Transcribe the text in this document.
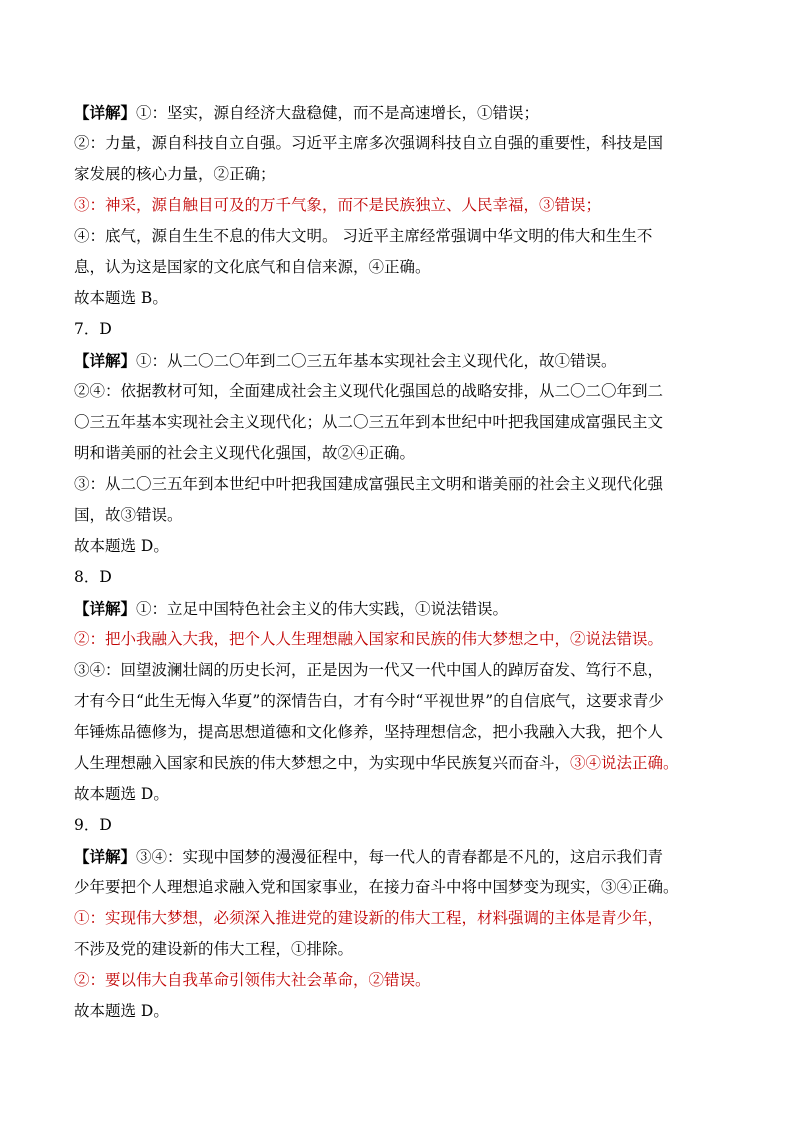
【详解】①：坚实，源自经济大盘稳健，而不是高速增长，①错误；
②：力量，源自科技自立自强。习近平主席多次强调科技自立自强的重要性，科技是国
家发展的核心力量，②正确；
③：神采，源自触目可及的万千气象，而不是民族独立、人民幸福，③错误；
④：底气，源自生生不息的伟大文明。 习近平主席经常强调中华文明的伟大和生生不
息，认为这是国家的文化底气和自信来源，④正确。
故本题选 B。
7．D
【详解】①：从二〇二〇年到二〇三五年基本实现社会主义现代化，故①错误。
②④：依据教材可知，全面建成社会主义现代化强国总的战略安排，从二〇二〇年到二
〇三五年基本实现社会主义现代化；从二〇三五年到本世纪中叶把我国建成富强民主文
明和谐美丽的社会主义现代化强国，故②④正确。
③：从二〇三五年到本世纪中叶把我国建成富强民主文明和谐美丽的社会主义现代化强
国，故③错误。
故本题选 D。
8．D
【详解】①：立足中国特色社会主义的伟大实践，①说法错误。
②：把小我融入大我，把个人人生理想融入国家和民族的伟大梦想之中，②说法错误。
③④：回望波澜壮阔的历史长河，正是因为一代又一代中国人的踔厉奋发、笃行不息，
才有今日“此生无悔入华夏”的深情告白，才有今时“平视世界”的自信底气，这要求青少
年锤炼品德修为，提高思想道德和文化修养，坚持理想信念，把小我融入大我，把个人
人生理想融入国家和民族的伟大梦想之中，为实现中华民族复兴而奋斗，③④说法正确。
故本题选 D。
9．D
【详解】③④：实现中国梦的漫漫征程中，每一代人的青春都是不凡的，这启示我们青
少年要把个人理想追求融入党和国家事业，在接力奋斗中将中国梦变为现实，③④正确。
①：实现伟大梦想，必须深入推进党的建设新的伟大工程，材料强调的主体是青少年，
不涉及党的建设新的伟大工程，①排除。
②：要以伟大自我革命引领伟大社会革命，②错误。
故本题选 D。
